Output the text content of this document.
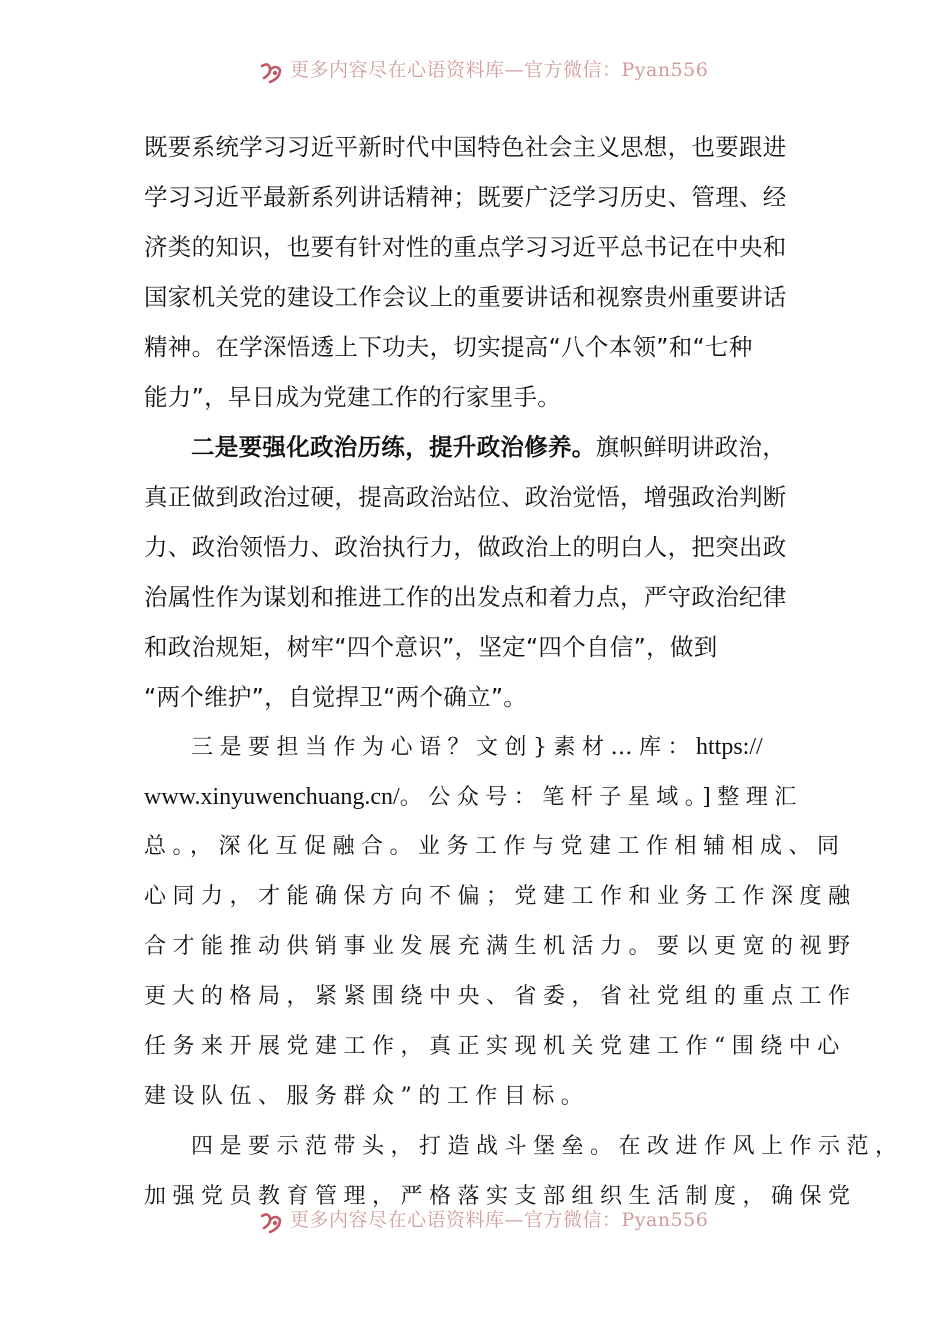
更多内容尽在心语资料库—官方微信：Pyan556
既要系统学习习近平新时代中国特色社会主义思想，也要跟进
学习习近平最新系列讲话精神；既要广泛学习历史、管理、经
济类的知识，也要有针对性的重点学习习近平总书记在中央和
国家机关党的建设工作会议上的重要讲话和视察贵州重要讲话
精神。在学深悟透上下功夫，切实提高“八个本领”和“七种
能力”，早日成为党建工作的行家里手。
二是要强化政治历练，提升政治修养。旗帜鲜明讲政治，
真正做到政治过硬，提高政治站位、政治觉悟，增强政治判断
力、政治领悟力、政治执行力，做政治上的明白人，把突出政
治属性作为谋划和推进工作的出发点和着力点，严守政治纪律
和政治规矩，树牢“四个意识”，坚定“四个自信”，做到
“两个维护”，自觉捍卫“两个确立”。
三是要担当作为心语？文创}素材…库：https://
www.xinyuwenchuang.cn/。公众号：笔杆子星域。]整理汇
总。，深化互促融合。业务工作与党建工作相辅相成、同
心同力，才能确保方向不偏；党建工作和业务工作深度融
合才能推动供销事业发展充满生机活力。要以更宽的视野
更大的格局，紧紧围绕中央、省委，省社党组的重点工作
任务来开展党建工作，真正实现机关党建工作“围绕中心
建设队伍、服务群众”的工作目标。
四是要示范带头，打造战斗堡垒。在改进作风上作示范，
加强党员教育管理，严格落实支部组织生活制度，确保党
更多内容尽在心语资料库—官方微信：Pyan556
